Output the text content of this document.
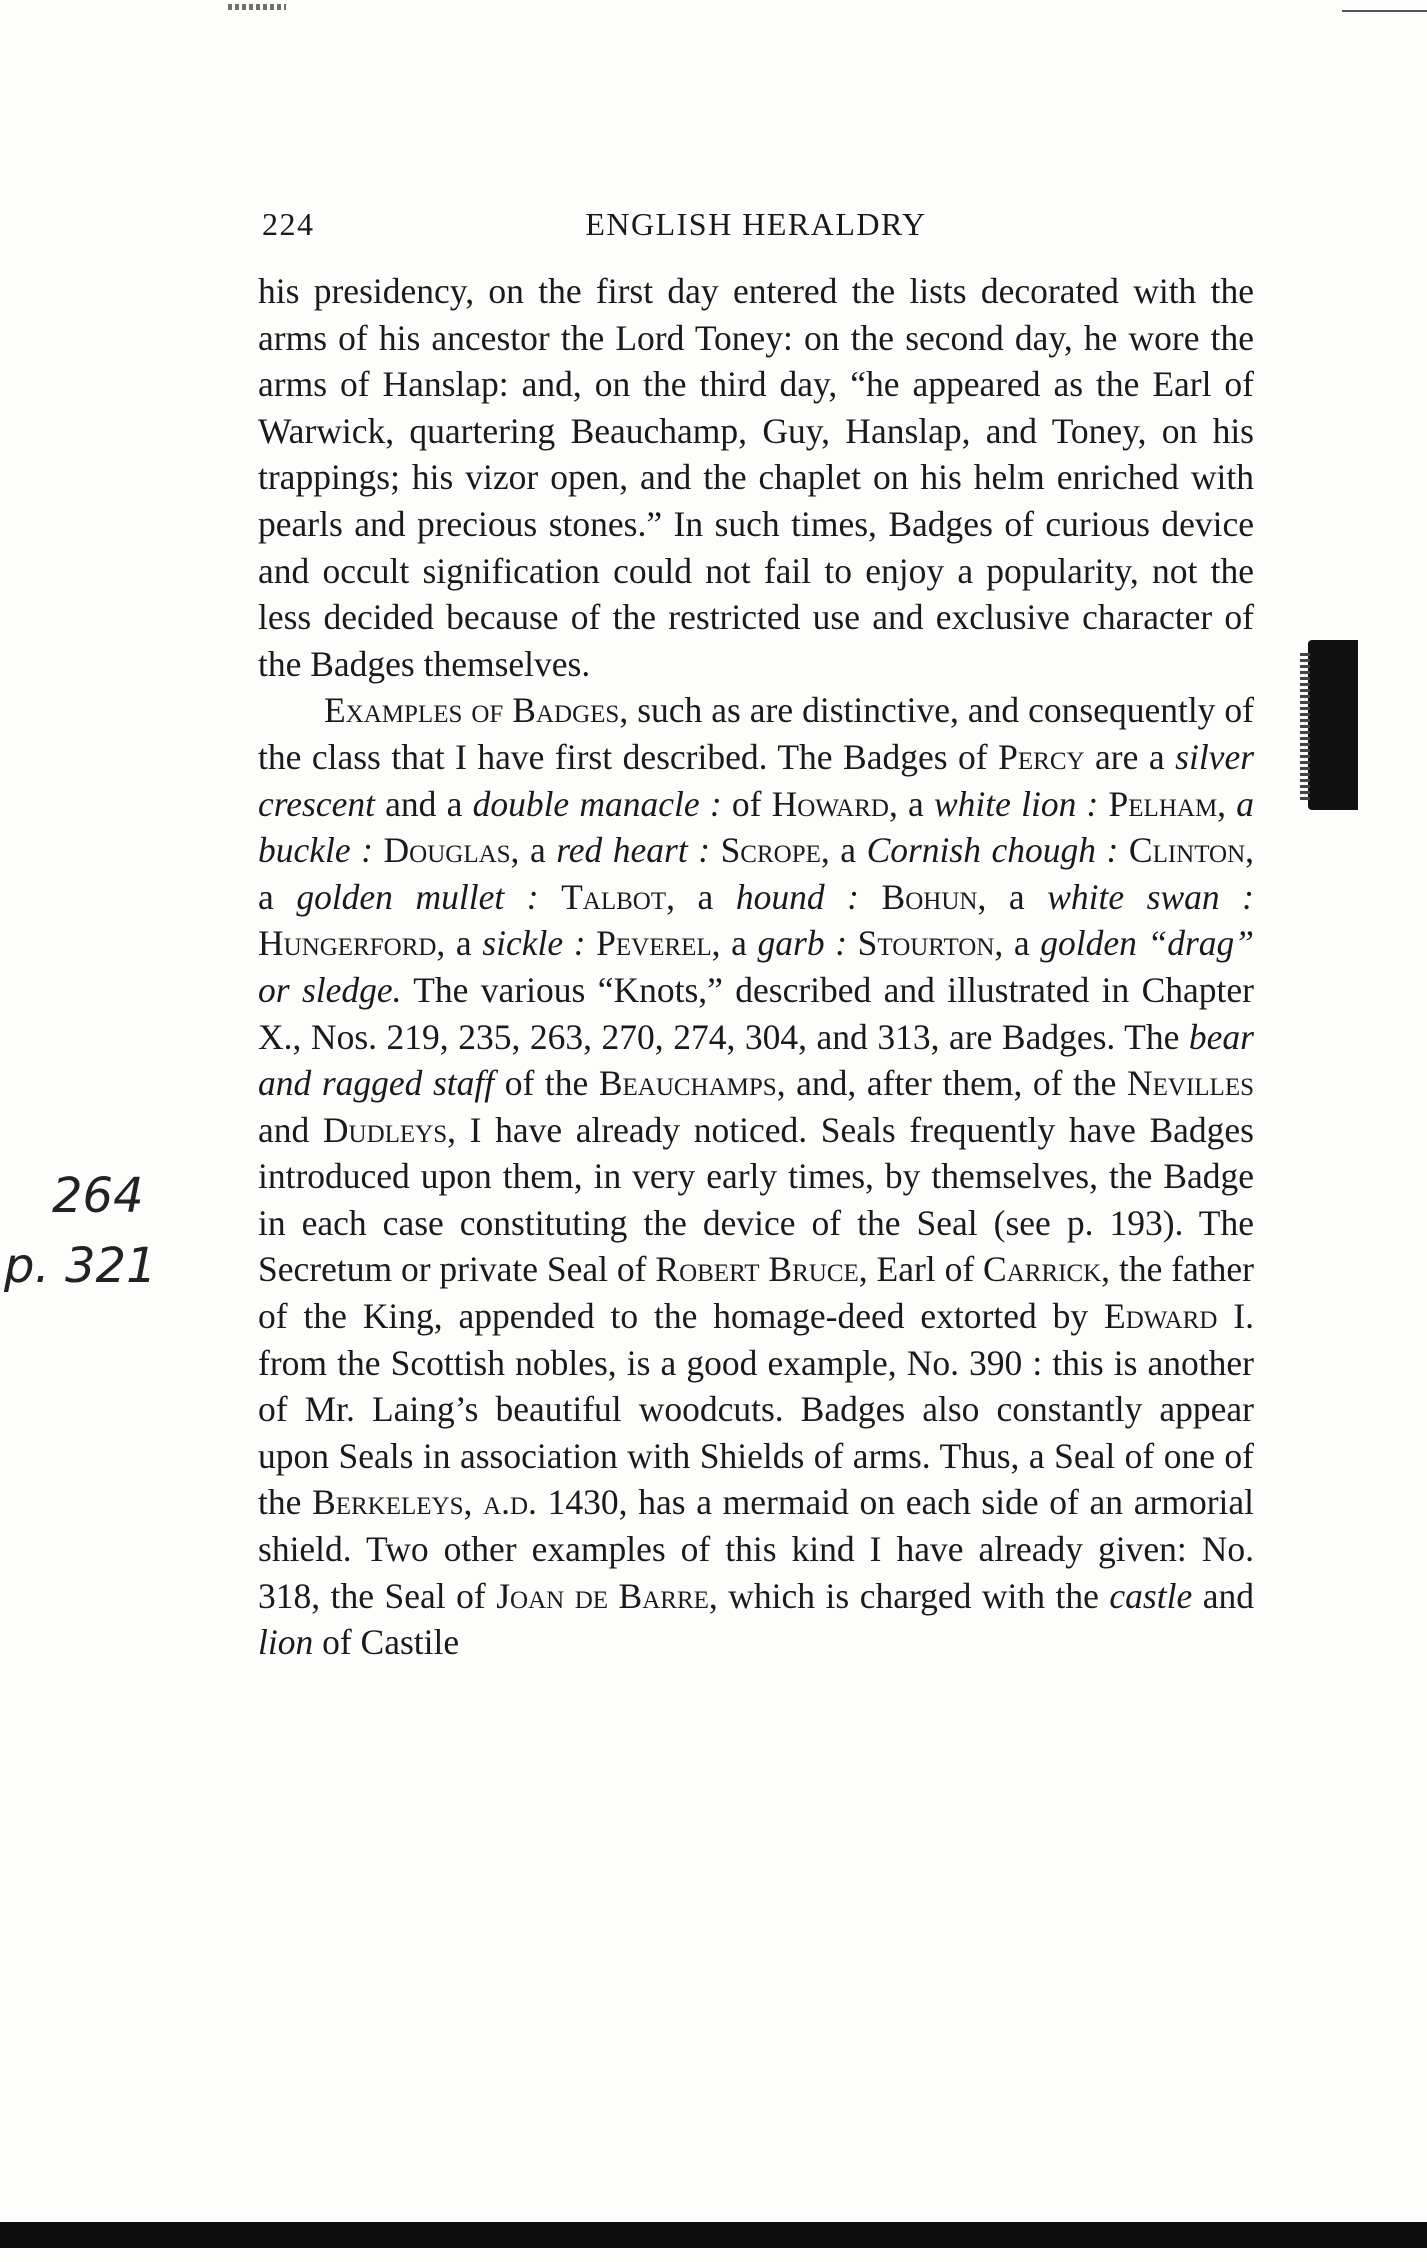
224	ENGLISH HERALDRY
264
p. 321

his presidency, on the first day entered the lists decorated with the arms of his ancestor the Lord Toney: on the second day, he wore the arms of Hanslap: and, on the third day, “he appeared as the Earl of Warwick, quartering Beauchamp, Guy, Hanslap, and Toney, on his trappings; his vizor open, and the chaplet on his helm enriched with pearls and precious stones.” In such times, Badges of curious device and occult signification could not fail to enjoy a popularity, not the less decided because of the restricted use and exclusive character of the Badges themselves.

Examples of Badges, such as are distinctive, and consequently of the class that I have first described. The Badges of Percy are a silver crescent and a double manacle : of Howard, a white lion : Pelham, a buckle : Douglas, a red heart : Scrope, a Cornish chough : Clinton, a golden mullet : Talbot, a hound : Bohun, a white swan : Hungerford, a sickle : Peverel, a garb : Stourton, a golden “drag” or sledge. The various “Knots,” described and illustrated in Chapter X., Nos. 219, 235, 263, 270, 274, 304, and 313, are Badges. The bear and ragged staff of the Beauchamps, and, after them, of the Nevilles and Dudleys, I have already noticed. Seals frequently have Badges introduced upon them, in very early times, by themselves, the Badge in each case constituting the device of the Seal (see p. 193). The Secretum or private Seal of Robert Bruce, Earl of Carrick, the father of the King, appended to the homage-deed extorted by Edward I. from the Scottish nobles, is a good example, No. 390 : this is another of Mr. Laing’s beautiful woodcuts. Badges also constantly appear upon Seals in association with Shields of arms. Thus, a Seal of one of the Berkeleys, a.d. 1430, has a mermaid on each side of an armorial shield. Two other examples of this kind I have already given: No. 318, the Seal of Joan de Barre, which is charged with the castle and lion of Castile
